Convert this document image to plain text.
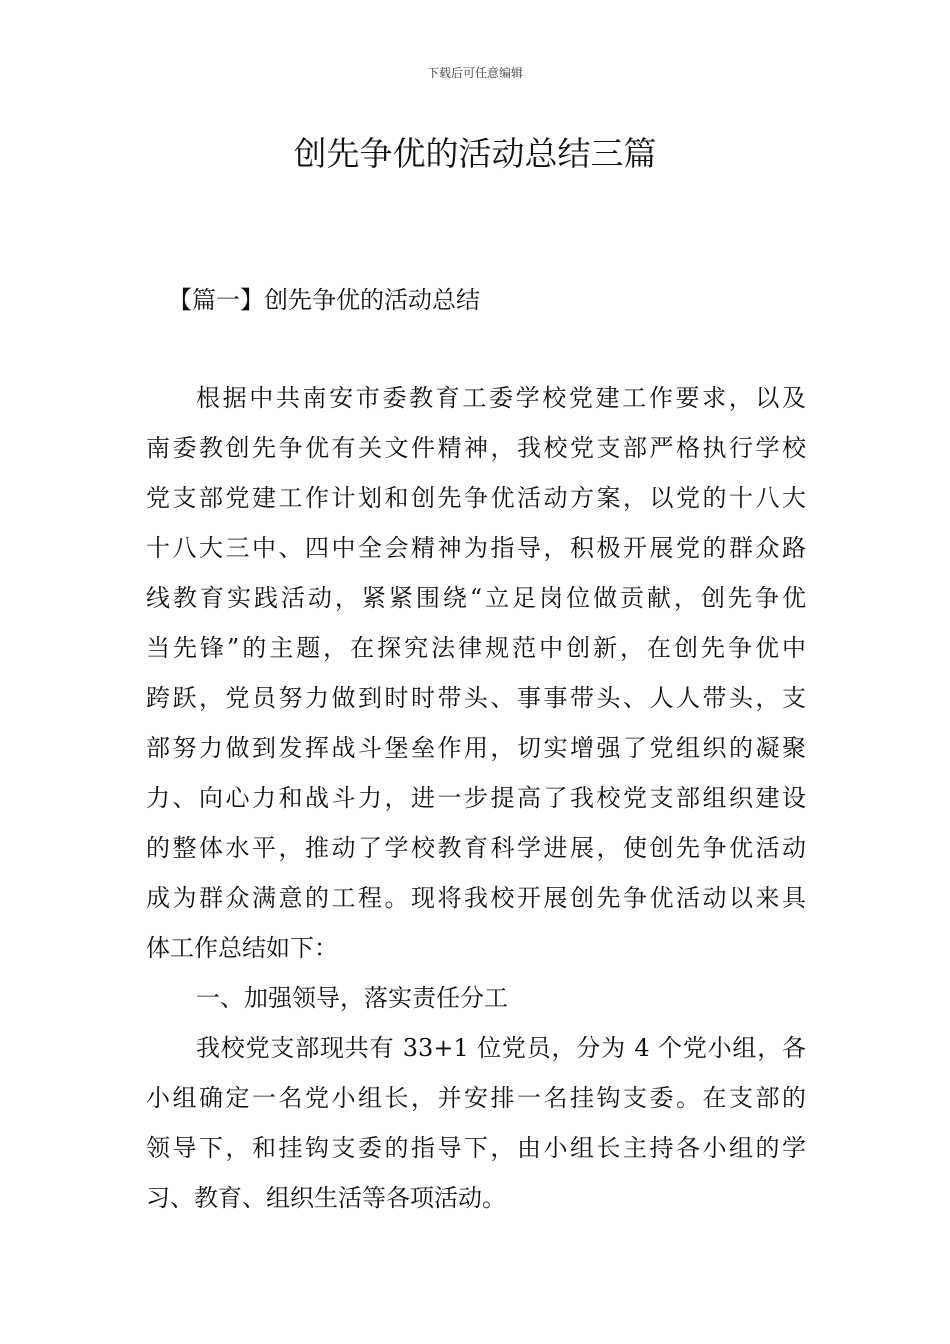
下载后可任意编辑
创先争优的活动总结三篇
【篇一】创先争优的活动总结
根据中共南安市委教育工委学校党建工作要求，以及
南委教创先争优有关文件精神，我校党支部严格执行学校
党支部党建工作计划和创先争优活动方案，以党的十八大
十八大三中、四中全会精神为指导，积极开展党的群众路
线教育实践活动，紧紧围绕“立足岗位做贡献，创先争优
当先锋”的主题，在探究法律规范中创新，在创先争优中
跨跃，党员努力做到时时带头、事事带头、人人带头，支
部努力做到发挥战斗堡垒作用，切实增强了党组织的凝聚
力、向心力和战斗力，进一步提高了我校党支部组织建设
的整体水平，推动了学校教育科学进展，使创先争优活动
成为群众满意的工程。现将我校开展创先争优活动以来具
体工作总结如下：
一、加强领导，落实责任分工
我校党支部现共有 33+1 位党员，分为 4 个党小组，各
小组确定一名党小组长，并安排一名挂钩支委。在支部的
领导下，和挂钩支委的指导下，由小组长主持各小组的学
习、教育、组织生活等各项活动。
